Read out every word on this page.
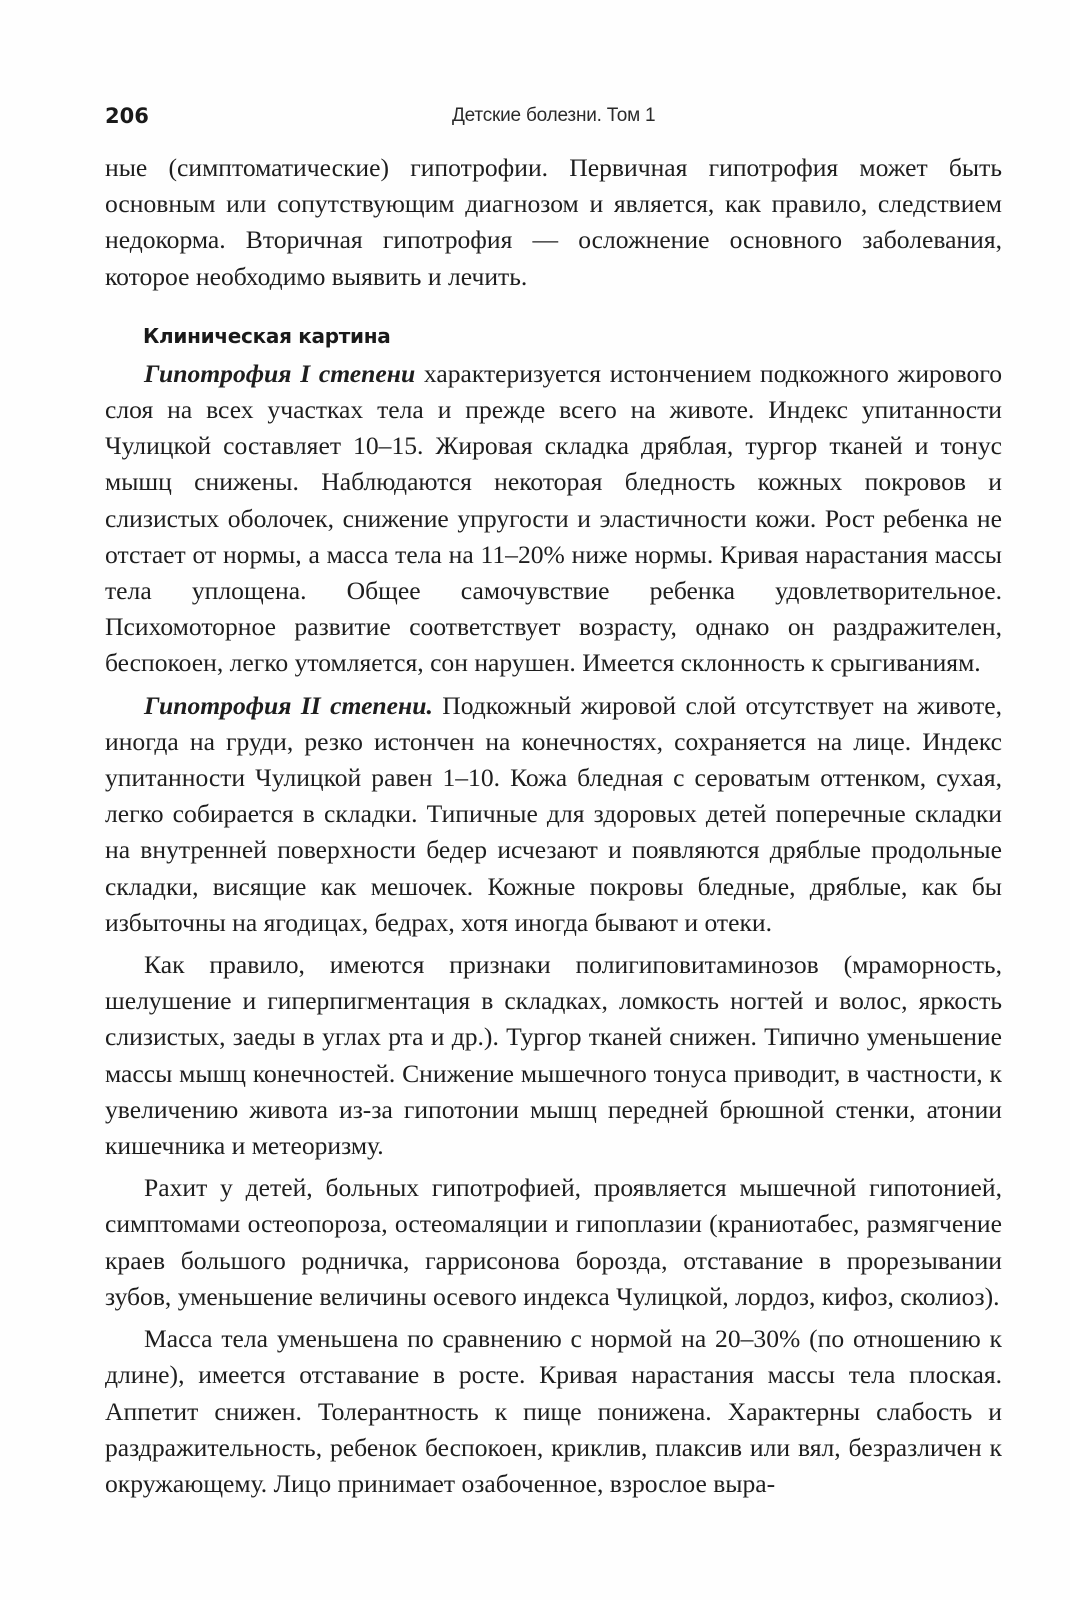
206	Детские болезни. Том 1

ные (симптоматические) гипотрофии. Первичная гипотрофия может быть основным или сопутствующим диагнозом и является, как правило, следствием недокорма. Вторичная гипотрофия — осложнение основного заболевания, которое необходимо выявить и лечить.

Клиническая картина

Гипотрофия I степени характеризуется истончением подкожного жирового слоя на всех участках тела и прежде всего на животе. Индекс упитанности Чулицкой составляет 10–15. Жировая складка дряблая, тургор тканей и тонус мышц снижены. Наблюдаются некоторая бледность кожных покровов и слизистых оболочек, снижение упругости и эластичности кожи. Рост ребенка не отстает от нормы, а масса тела на 11–20% ниже нормы. Кривая нарастания массы тела уплощена. Общее самочувствие ребенка удовлетворительное. Психомоторное развитие соответствует возрасту, однако он раздражителен, беспокоен, легко утомляется, сон нарушен. Имеется склонность к срыгиваниям.

Гипотрофия II степени. Подкожный жировой слой отсутствует на животе, иногда на груди, резко истончен на конечностях, сохраняется на лице. Индекс упитанности Чулицкой равен 1–10. Кожа бледная с сероватым оттенком, сухая, легко собирается в складки. Типичные для здоровых детей поперечные складки на внутренней поверхности бедер исчезают и появляются дряблые продольные складки, висящие как мешочек. Кожные покровы бледные, дряблые, как бы избыточны на ягодицах, бедрах, хотя иногда бывают и отеки.

Как правило, имеются признаки полигиповитаминозов (мраморность, шелушение и гиперпигментация в складках, ломкость ногтей и волос, яркость слизистых, заеды в углах рта и др.). Тургор тканей снижен. Типично уменьшение массы мышц конечностей. Снижение мышечного тонуса приводит, в частности, к увеличению живота из-за гипотонии мышц передней брюшной стенки, атонии кишечника и метеоризму.

Рахит у детей, больных гипотрофией, проявляется мышечной гипотонией, симптомами остеопороза, остеомаляции и гипоплазии (краниотабес, размягчение краев большого родничка, гаррисонова борозда, отставание в прорезывании зубов, уменьшение величины осевого индекса Чулицкой, лордоз, кифоз, сколиоз).

Масса тела уменьшена по сравнению с нормой на 20–30% (по отношению к длине), имеется отставание в росте. Кривая нарастания массы тела плоская. Аппетит снижен. Толерантность к пище понижена. Характерны слабость и раздражительность, ребенок беспокоен, криклив, плаксив или вял, безразличен к окружающему. Лицо принимает озабоченное, взрослое выра-
